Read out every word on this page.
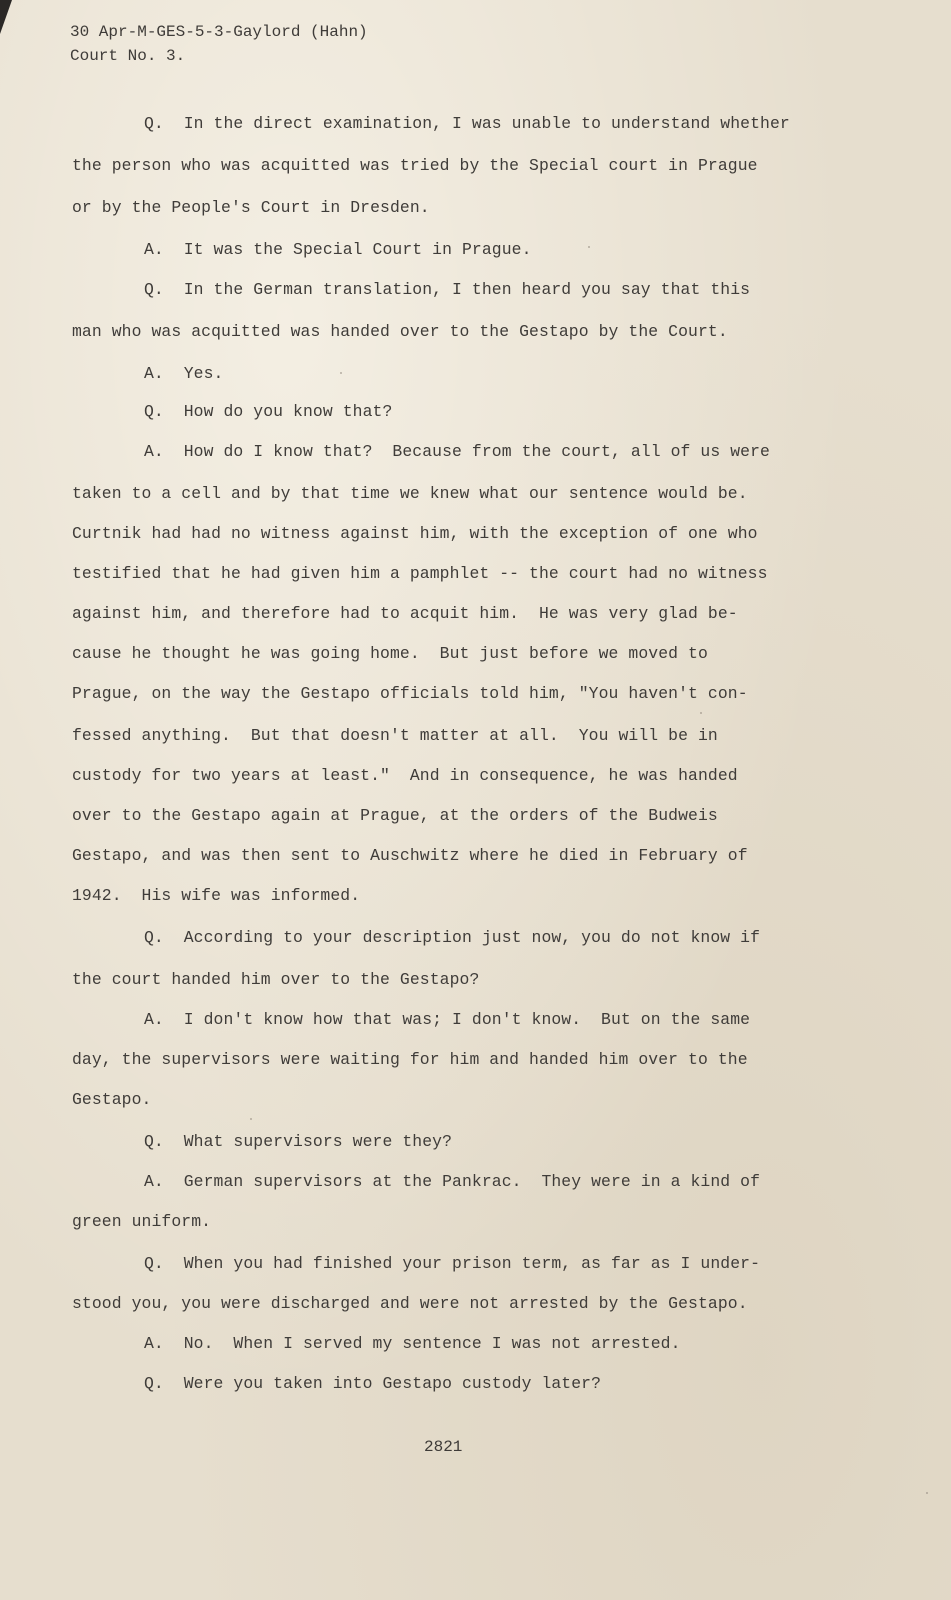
30 Apr-M-GES-5-3-Gaylord (Hahn)
Court No. 3.
Q.  In the direct examination, I was unable to understand whether
the person who was acquitted was tried by the Special court in Prague
or by the People's Court in Dresden.
A.  It was the Special Court in Prague.
Q.  In the German translation, I then heard you say that this
man who was acquitted was handed over to the Gestapo by the Court.
A.  Yes.
Q.  How do you know that?
A.  How do I know that?  Because from the court, all of us were
taken to a cell and by that time we knew what our sentence would be.
Curtnik had had no witness against him, with the exception of one who
testified that he had given him a pamphlet -- the court had no witness
against him, and therefore had to acquit him.  He was very glad be-
cause he thought he was going home.  But just before we moved to
Prague, on the way the Gestapo officials told him, "You haven't con-
fessed anything.  But that doesn't matter at all.  You will be in
custody for two years at least."  And in consequence, he was handed
over to the Gestapo again at Prague, at the orders of the Budweis
Gestapo, and was then sent to Auschwitz where he died in February of
1942.  His wife was informed.
Q.  According to your description just now, you do not know if
the court handed him over to the Gestapo?
A.  I don't know how that was; I don't know.  But on the same
day, the supervisors were waiting for him and handed him over to the
Gestapo.
Q.  What supervisors were they?
A.  German supervisors at the Pankrac.  They were in a kind of
green uniform.
Q.  When you had finished your prison term, as far as I under-
stood you, you were discharged and were not arrested by the Gestapo.
A.  No.  When I served my sentence I was not arrested.
Q.  Were you taken into Gestapo custody later?
2821
